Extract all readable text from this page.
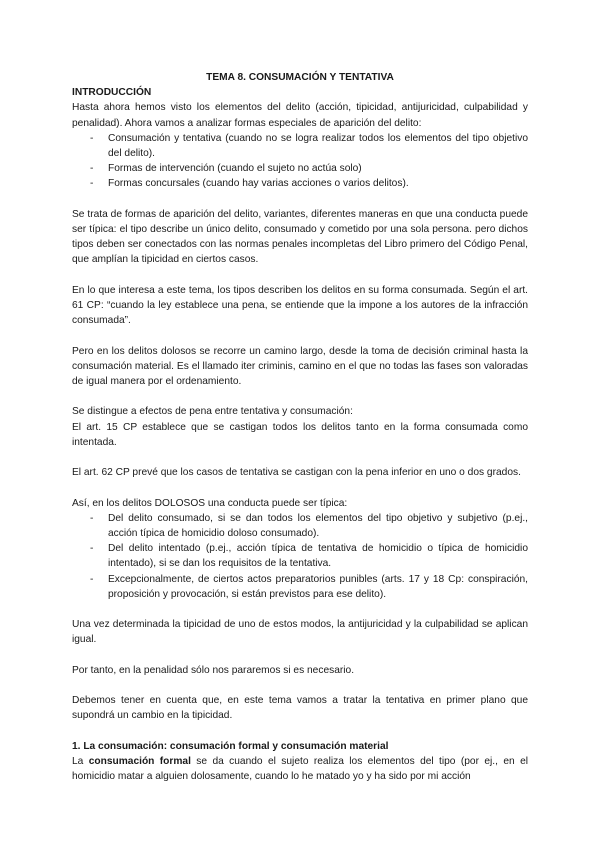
TEMA 8. CONSUMACIÓN Y TENTATIVA

INTRODUCCIÓN

Hasta ahora hemos visto los elementos del delito (acción, tipicidad, antijuricidad, culpabilidad y penalidad). Ahora vamos a analizar formas especiales de aparición del delito:

- Consumación y tentativa (cuando no se logra realizar todos los elementos del tipo objetivo del delito).
- Formas de intervención (cuando el sujeto no actúa solo)
- Formas concursales (cuando hay varias acciones o varios delitos).

Se trata de formas de aparición del delito, variantes, diferentes maneras en que una conducta puede ser típica: el tipo describe un único delito, consumado y cometido por una sola persona. pero dichos tipos deben ser conectados con las normas penales incompletas del Libro primero del Código Penal, que amplían la tipicidad en ciertos casos.

En lo que interesa a este tema, los tipos describen los delitos en su forma consumada. Según el art. 61 CP: “cuando la ley establece una pena, se entiende que la impone a los autores de la infracción consumada”.

Pero en los delitos dolosos se recorre un camino largo, desde la toma de decisión criminal hasta la consumación material. Es el llamado iter criminis, camino en el que no todas las fases son valoradas de igual manera por el ordenamiento.

Se distingue a efectos de pena entre tentativa y consumación:

El art. 15 CP establece que se castigan todos los delitos tanto en la forma consumada como intentada.

El art. 62 CP prevé que los casos de tentativa se castigan con la pena inferior en uno o dos grados.

Así, en los delitos DOLOSOS una conducta puede ser típica:

- Del delito consumado, si se dan todos los elementos del tipo objetivo y subjetivo (p.ej., acción típica de homicidio doloso consumado).
- Del delito intentado (p.ej., acción típica de tentativa de homicidio o típica de homicidio intentado), si se dan los requisitos de la tentativa.
- Excepcionalmente, de ciertos actos preparatorios punibles (arts. 17 y 18 Cp: conspiración, proposición y provocación, si están previstos para ese delito).

Una vez determinada la tipicidad de uno de estos modos, la antijuricidad y la culpabilidad se aplican igual.

Por tanto, en la penalidad sólo nos pararemos si es necesario.

Debemos tener en cuenta que, en este tema vamos a tratar la tentativa en primer plano que supondrá un cambio en la tipicidad.

1. La consumación: consumación formal y consumación material

La consumación formal se da cuando el sujeto realiza los elementos del tipo (por ej., en el homicidio matar a alguien dolosamente, cuando lo he matado yo y ha sido por mi acción
